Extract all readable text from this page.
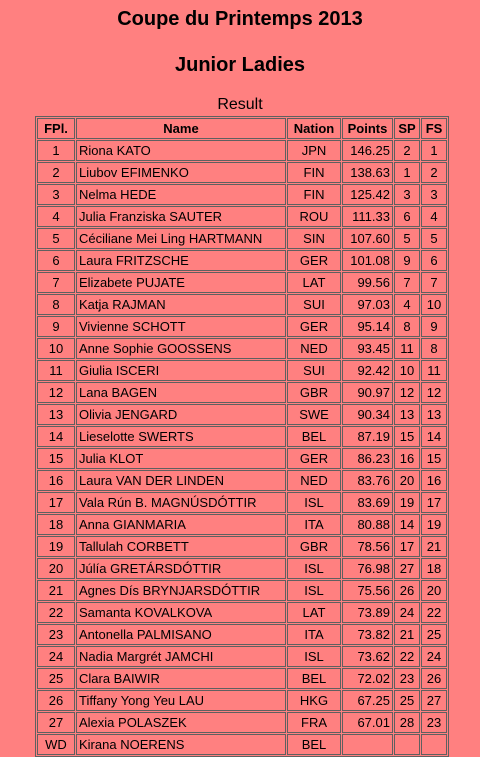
Coupe du Printemps 2013
Junior Ladies
Result
FPl.	Name	Nation	Points	SP	FS
1	Riona KATO	JPN	146.25	2	1
2	Liubov EFIMENKO	FIN	138.63	1	2
3	Nelma HEDE	FIN	125.42	3	3
4	Julia Franziska SAUTER	ROU	111.33	6	4
5	Céciliane Mei Ling HARTMANN	SIN	107.60	5	5
6	Laura FRITZSCHE	GER	101.08	9	6
7	Elizabete PUJATE	LAT	99.56	7	7
8	Katja RAJMAN	SUI	97.03	4	10
9	Vivienne SCHOTT	GER	95.14	8	9
10	Anne Sophie GOOSSENS	NED	93.45	11	8
11	Giulia ISCERI	SUI	92.42	10	11
12	Lana BAGEN	GBR	90.97	12	12
13	Olivia JENGARD	SWE	90.34	13	13
14	Lieselotte SWERTS	BEL	87.19	15	14
15	Julia KLOT	GER	86.23	16	15
16	Laura VAN DER LINDEN	NED	83.76	20	16
17	Vala Rún B. MAGNÚSDÓTTIR	ISL	83.69	19	17
18	Anna GIANMARIA	ITA	80.88	14	19
19	Tallulah CORBETT	GBR	78.56	17	21
20	Júlía GRETÁRSDÓTTIR	ISL	76.98	27	18
21	Agnes Dís BRYNJARSDÓTTIR	ISL	75.56	26	20
22	Samanta KOVALKOVA	LAT	73.89	24	22
23	Antonella PALMISANO	ITA	73.82	21	25
24	Nadia Margrét JAMCHI	ISL	73.62	22	24
25	Clara BAIWIR	BEL	72.02	23	26
26	Tiffany Yong Yeu LAU	HKG	67.25	25	27
27	Alexia POLASZEK	FRA	67.01	28	23
WD	Kirana NOERENS	BEL			
